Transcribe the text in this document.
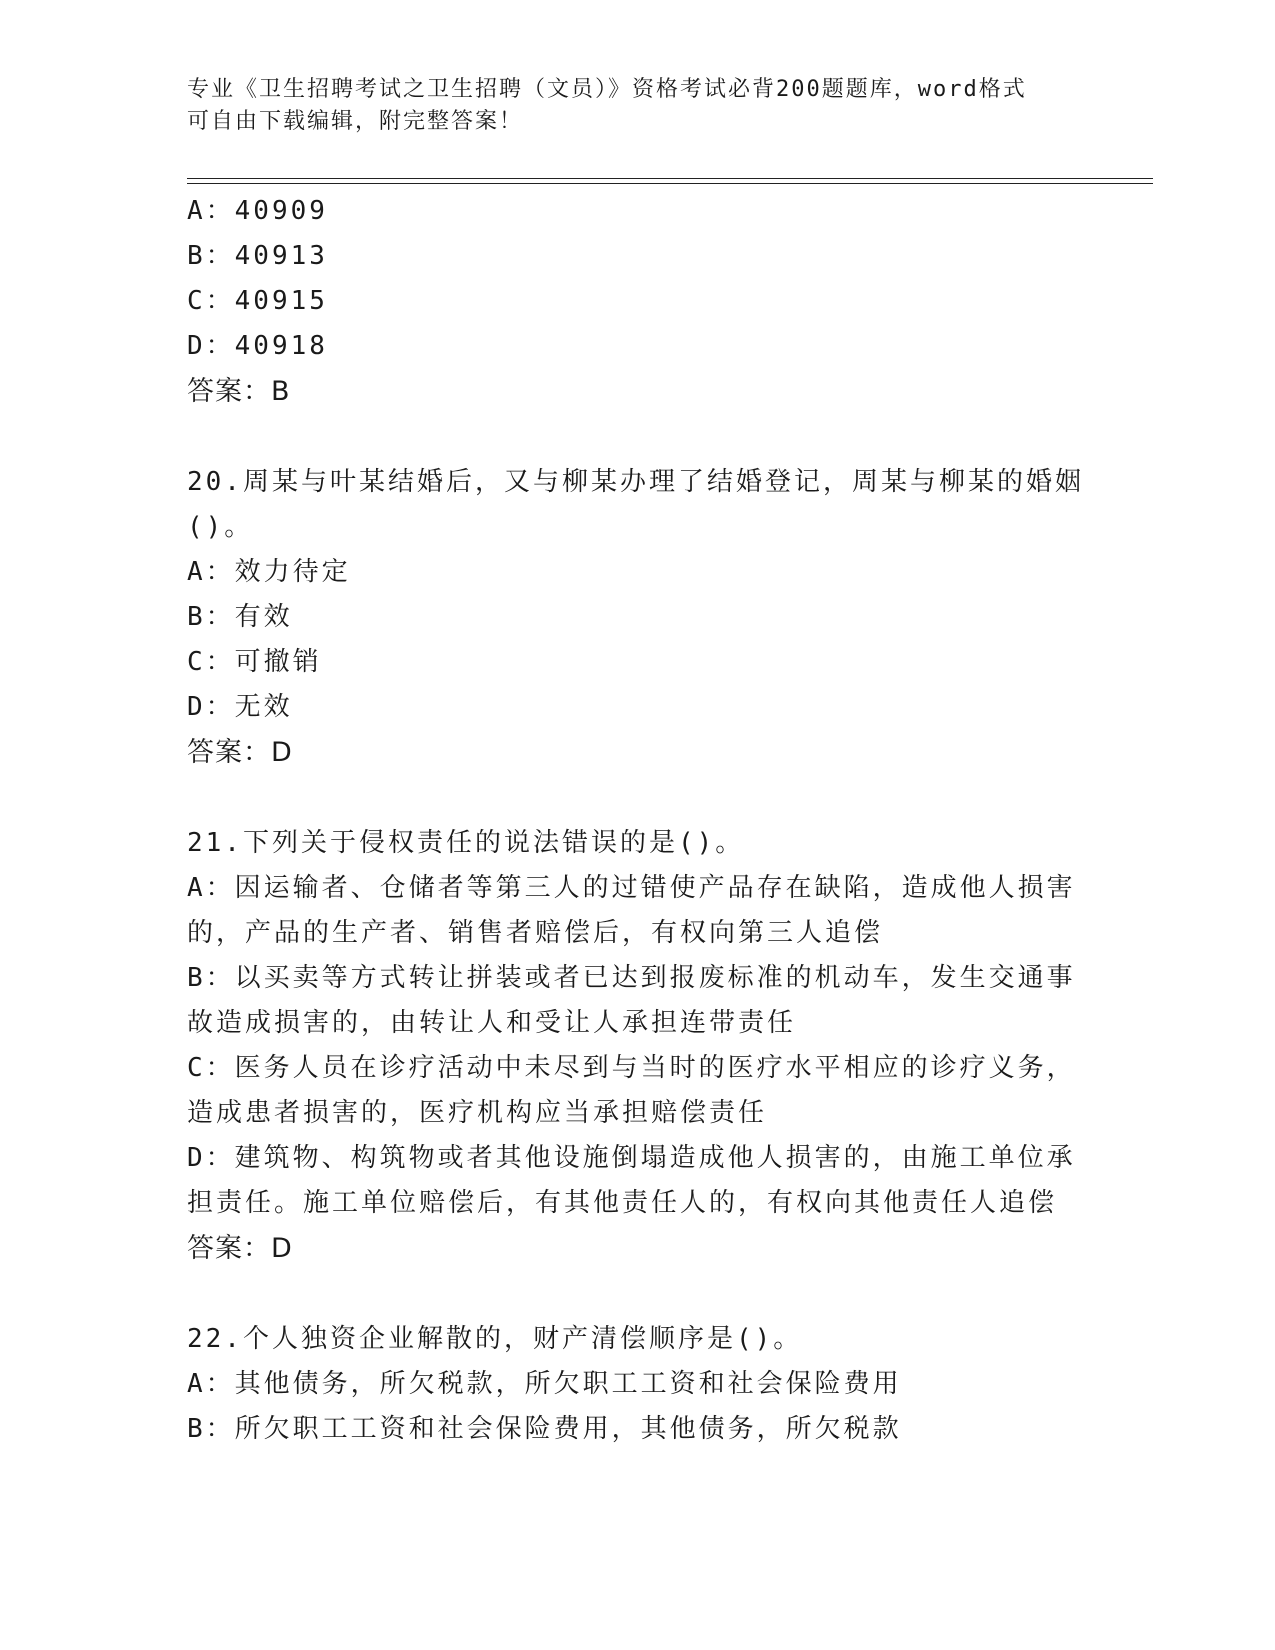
专业《卫生招聘考试之卫生招聘（文员）》资格考试必背200题题库，word格式
可自由下载编辑，附完整答案！
A：40909
B：40913
C：40915
D：40918
答案：B
20.周某与叶某结婚后，又与柳某办理了结婚登记，周某与柳某的婚姻
()。
A：效力待定
B：有效
C：可撤销
D：无效
答案：D
21.下列关于侵权责任的说法错误的是()。
A：因运输者、仓储者等第三人的过错使产品存在缺陷，造成他人损害
的，产品的生产者、销售者赔偿后，有权向第三人追偿
B：以买卖等方式转让拼装或者已达到报废标准的机动车，发生交通事
故造成损害的，由转让人和受让人承担连带责任
C：医务人员在诊疗活动中未尽到与当时的医疗水平相应的诊疗义务，
造成患者损害的，医疗机构应当承担赔偿责任
D：建筑物、构筑物或者其他设施倒塌造成他人损害的，由施工单位承
担责任。施工单位赔偿后，有其他责任人的，有权向其他责任人追偿
答案：D
22.个人独资企业解散的，财产清偿顺序是()。
A：其他债务，所欠税款，所欠职工工资和社会保险费用
B：所欠职工工资和社会保险费用，其他债务，所欠税款
